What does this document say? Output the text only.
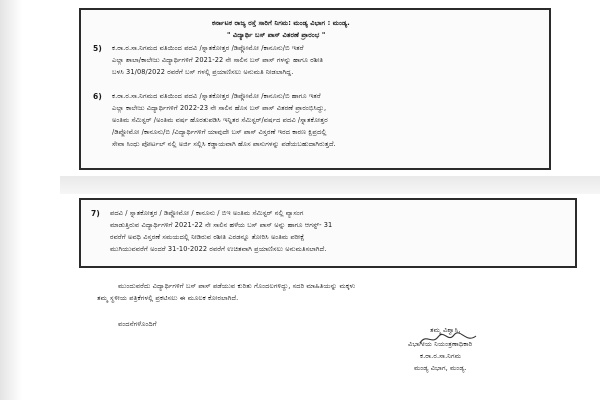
ಕರ್ನಾಟಕ ರಾಜ್ಯ ರಸ್ತೆ ಸಾರಿಗೆ ನಿಗಮ: ಮಂಡ್ಯ ವಿಭಾಗ : ಮಂಡ್ಯ.
" ವಿದ್ಯಾರ್ಥಿ ಬಸ್ ಪಾಸ್ ವಿತರಣೆ ಪ್ರಾರಂಭ "
5) ಕ.ರಾ.ರ.ಸಾ.ನಿಗಮದ ವತಿಯಿಂದ ಪದವಿ /ಸ್ನಾತಕೋತ್ತರ /ಡಿಪ್ಲೋಮೋ /ಕಾನೂನು/ಬಿ ಇತರೆ
ಎಲ್ಲಾ ಶಾಲಾ/ಕಾಲೇಜು ವಿದ್ಯಾರ್ಥಿಗಳಿಗೆ 2021-22 ನೇ ಸಾಲಿನ ಬಸ್ ಪಾಸ್ ಗಳನ್ನು ಹಾಗೂ ರಶೀತಿ
ಬಳಸಿ 31/08/2022 ರವರೆಗೆ ಬಸ್ ಗಳಲ್ಲಿ ಪ್ರಯಾಣಿಸಲು ಅನುಮತಿ ನೀಡಲಾಗಿದ್ದ.
6) ಕ.ರಾ.ರ.ಸಾ.ನಿಗಮದ ವತಿಯಿಂದ ಪದವಿ /ಸ್ನಾತಕೋತ್ತರ /ಡಿಪ್ಲೋಮೋ /ಕಾನೂನು/ಬಿ ಹಾಗೂ ಇತರೆ
ಎಲ್ಲಾ ಕಾಲೇಜು ವಿದ್ಯಾರ್ಥಿಗಳಿಗೆ 2022-23 ನೇ ಸಾಲಿನ ಹೊಸ ಬಸ್ ಪಾಸ್ ವಿತರಣೆ ಪ್ರಾರಂಭಿಸಿದ್ದು,
ಅಂತಿಮ ಸೆಮಿಸ್ಟರ್ /ಅಂತಿಮ ವರ್ಷ ಹೊರತುಪಡಿಸಿ ಇನ್ನಿತರ ಸೆಮಿಸ್ಟರ್/ವರ್ಷದ ಪದವಿ /ಸ್ನಾತಕೋತ್ತರ
/ಡಿಪ್ಲೋಮೋ /ಕಾನೂನು/ಬಿ /ವಿದ್ಯಾರ್ಥಿಗಳಿಗೆ ಯಾವುದೇ ಬಸ್ ಪಾಸ್ ವಿಸ್ತರಣೆ ಇರದ ಕಾರಣ ಕ್ಷಿಪ್ರದಲ್ಲಿ
ಸೇವಾ ಸಿಂಧು ಪೋರ್ಟಲ್ ನಲ್ಲಿ ಅರ್ಜಿ ಸಲ್ಲಿಸಿ ಕಡ್ಡಾಯವಾಗಿ ಹೊಸ ಪಾಸುಗಳನ್ನು ಪಡೆಯಬಹುದಾಗಿರುತ್ತದೆ.
7) ಪದವಿ / ಸ್ನಾತಕೋತ್ತರ / ಡಿಪ್ಲೋಮೋ / ಕಾನೂನು / ಬಿಇ ಅಂತಿಮ ಸೆಮಿಸ್ಟರ್ ನಲ್ಲಿ ವ್ಯಾಸಂಗ
ಮಾಡುತ್ತಿರುವ ವಿದ್ಯಾರ್ಥಿಗಳಿಗೆ 2021-22 ನೇ ಸಾಲಿನ ಹಳೆಯ ಬಸ್ ಪಾಸ್ ಅನ್ನು ಹಾಗೂ ಆಗಸ್ಟ್- 31
ರವರೆಗೆ ಅವಧಿ ವಿಸ್ತರಣೆ ಸಮಯದಲ್ಲಿ ನೀಡಿರುವ ರಶೀತಿ ಎರಡನ್ನೂ ತೋರಿಸಿ ಅಂತಿಮ ಪರೀಕ್ಷೆ
ಮುಗಿಯುವವರೆಗೆ ಅಂದರೆ 31-10-2022 ರವರೆಗೆ ಉಚಿತವಾಗಿ ಪ್ರಯಾಣಿಸಲು ಅನುಮತಿಸಲಾಗಿದೆ.
ಮುಂದುವರೆದು ವಿದ್ಯಾರ್ಥಿಗಳಿಗೆ ಬಸ್ ಪಾಸ್ ಪಡೆಯುವ ಕುರಿತು ಗೊಂದಲಗಳಿದ್ದು, ಸದರಿ ಮಾಹಿತಿಯನ್ನು ಮಕ್ಕಳು
ತಮ್ಮ ಸ್ಥಳೀಯ ಪತ್ರಿಕೆಗಳಲ್ಲಿ ಪ್ರಕಟಿಸಲು ಈ ಮೂಲಕ ಕೋರಲಾಗಿದೆ.
ವಂದನೆಗಳೊಂದಿಗೆ
ತಮ್ಮ ವಿಶ್ವಾಸಿ,
ವಿಭಾಗೀಯ ನಿಯಂತ್ರಣಾಧಿಕಾರಿ
ಕ.ರಾ.ರ.ಸಾ.ನಿಗಮ
ಮಂಡ್ಯ ವಿಭಾಗ, ಮಂಡ್ಯ.
